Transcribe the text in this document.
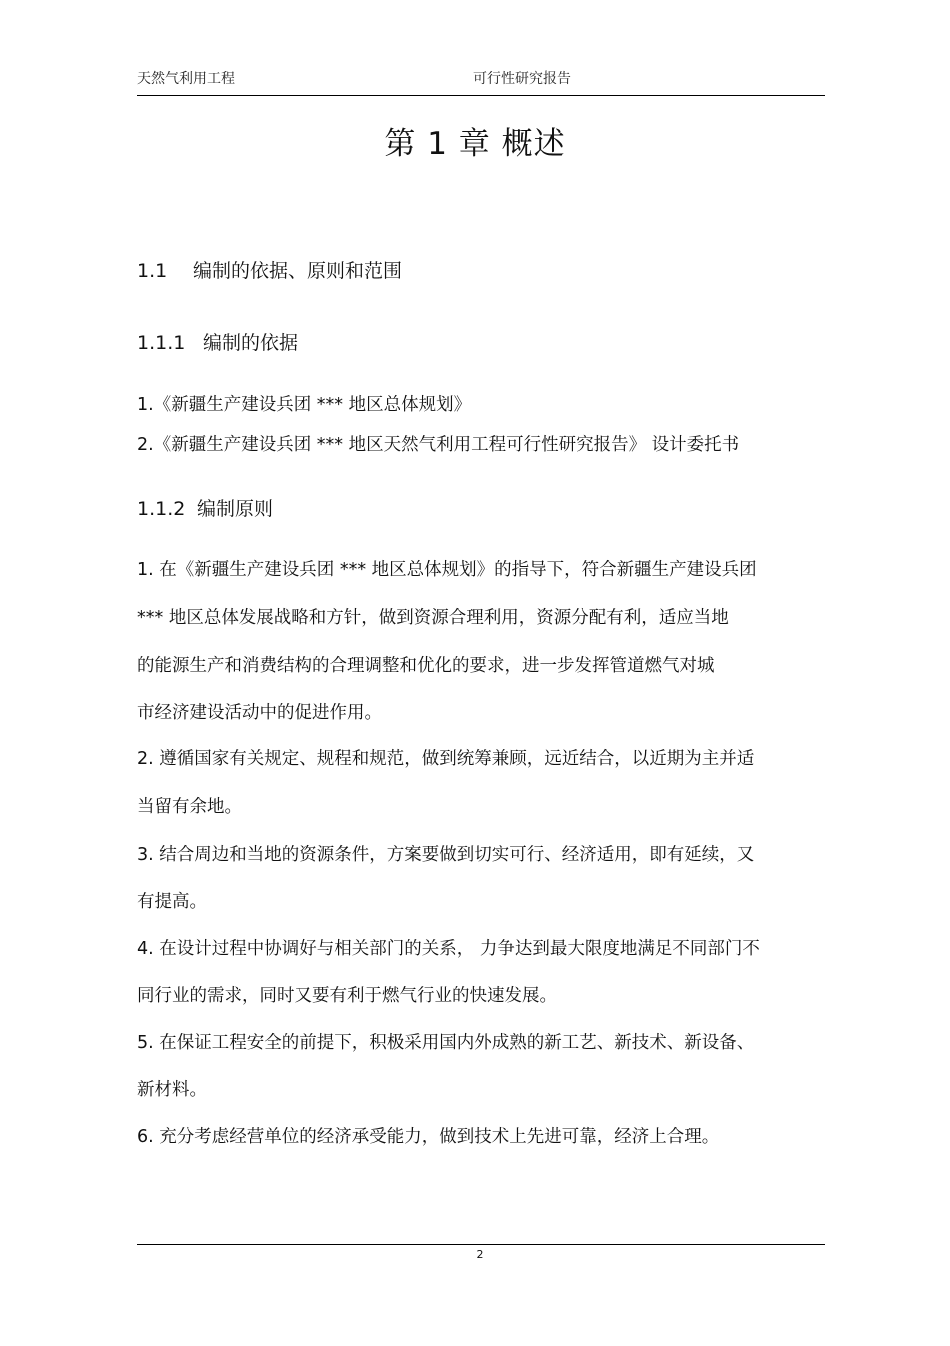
天然气利用工程	可行性研究报告
第 1 章 概述
1.1 编制的依据、原则和范围
1.1.1 编制的依据
1.《新疆生产建设兵团 *** 地区总体规划》
2.《新疆生产建设兵团 *** 地区天然气利用工程可行性研究报告》 设计委托书
1.1.2 编制原则
1. 在《新疆生产建设兵团 *** 地区总体规划》的指导下，符合新疆生产建设兵团
*** 地区总体发展战略和方针，做到资源合理利用，资源分配有利，适应当地
的能源生产和消费结构的合理调整和优化的要求，进一步发挥管道燃气对城
市经济建设活动中的促进作用。
2. 遵循国家有关规定、规程和规范，做到统筹兼顾，远近结合，以近期为主并适
当留有余地。
3. 结合周边和当地的资源条件，方案要做到切实可行、经济适用，即有延续，又
有提高。
4. 在设计过程中协调好与相关部门的关系， 力争达到最大限度地满足不同部门不
同行业的需求，同时又要有利于燃气行业的快速发展。
5. 在保证工程安全的前提下，积极采用国内外成熟的新工艺、新技术、新设备、
新材料。
6. 充分考虑经营单位的经济承受能力，做到技术上先进可靠，经济上合理。
2
